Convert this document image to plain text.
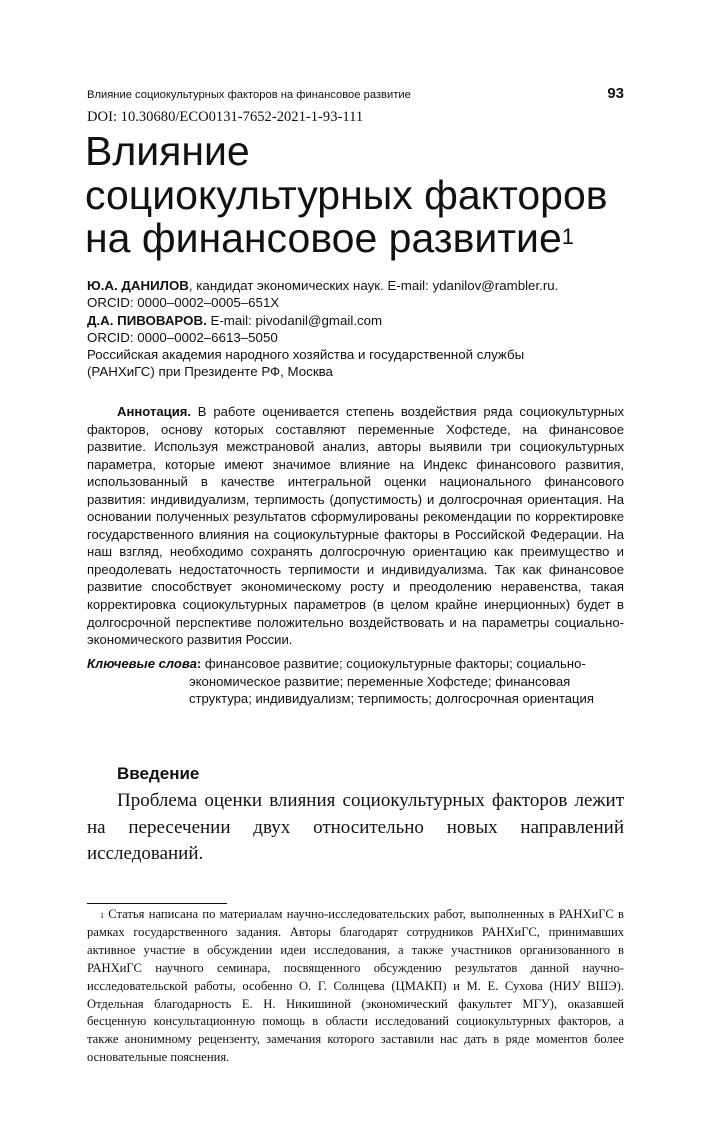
Влияние социокультурных факторов на финансовое развитие	93
DOI: 10.30680/ECO0131-7652-2021-1-93-111
Влияние
социокультурных факторов
на финансовое развитие$^1$
Ю.А. ДАНИЛОВ, кандидат экономических наук. E-mail: ydanilov@rambler.ru.
ORCID: 0000–0002–0005–651X
Д.А. ПИВОВАРОВ. E-mail: pivodanil@gmail.com
ORCID: 0000–0002–6613–5050
Российская академия народного хозяйства и государственной службы
(РАНХиГС) при Президенте РФ, Москва

Аннотация. В работе оценивается степень воздействия ряда социокультурных факторов, основу которых составляют переменные Хофстеде, на финансовое развитие. Используя межстрановой анализ, авторы выявили три социокультурных параметра, которые имеют значимое влияние на Индекс финансового развития, использованный в качестве интегральной оценки национального финансового развития: индивидуализм, терпимость (допустимость) и долгосрочная ориентация. На основании полученных результатов сформулированы рекомендации по корректировке государственного влияния на социокультурные факторы в Российской Федерации. На наш взгляд, необходимо сохранять долгосрочную ориентацию как преимущество и преодолевать недостаточность терпимости и индивидуализма. Так как финансовое развитие способствует экономическому росту и преодолению неравенства, такая корректировка социокультурных параметров (в целом крайне инерционных) будет в долгосрочной перспективе положительно воздействовать и на параметры социально-экономического развития России.

Ключевые слова: финансовое развитие; социокультурные факторы; социально-экономическое развитие; переменные Хофстеде; финансовая структура; индивидуализм; терпимость; долгосрочная ориентация
Введение

Проблема оценки влияния социокультурных факторов лежит на пересечении двух относительно новых направлений исследований.

$^1$ Статья написана по материалам научно-исследовательских работ, выполненных в РАНХиГС в рамках государственного задания. Авторы благодарят сотрудников РАНХиГС, принимавших активное участие в обсуждении идеи исследования, а также участников организованного в РАНХиГС научного семинара, посвященного обсуждению результатов данной научно-исследовательской работы, особенно О. Г. Солнцева (ЦМАКП) и М. Е. Сухова (НИУ ВШЭ). Отдельная благодарность Е. Н. Никишиной (экономический факультет МГУ), оказавшей бесценную консультационную помощь в области исследований социокультурных факторов, а также анонимному рецензенту, замечания которого заставили нас дать в ряде моментов более основательные пояснения.
